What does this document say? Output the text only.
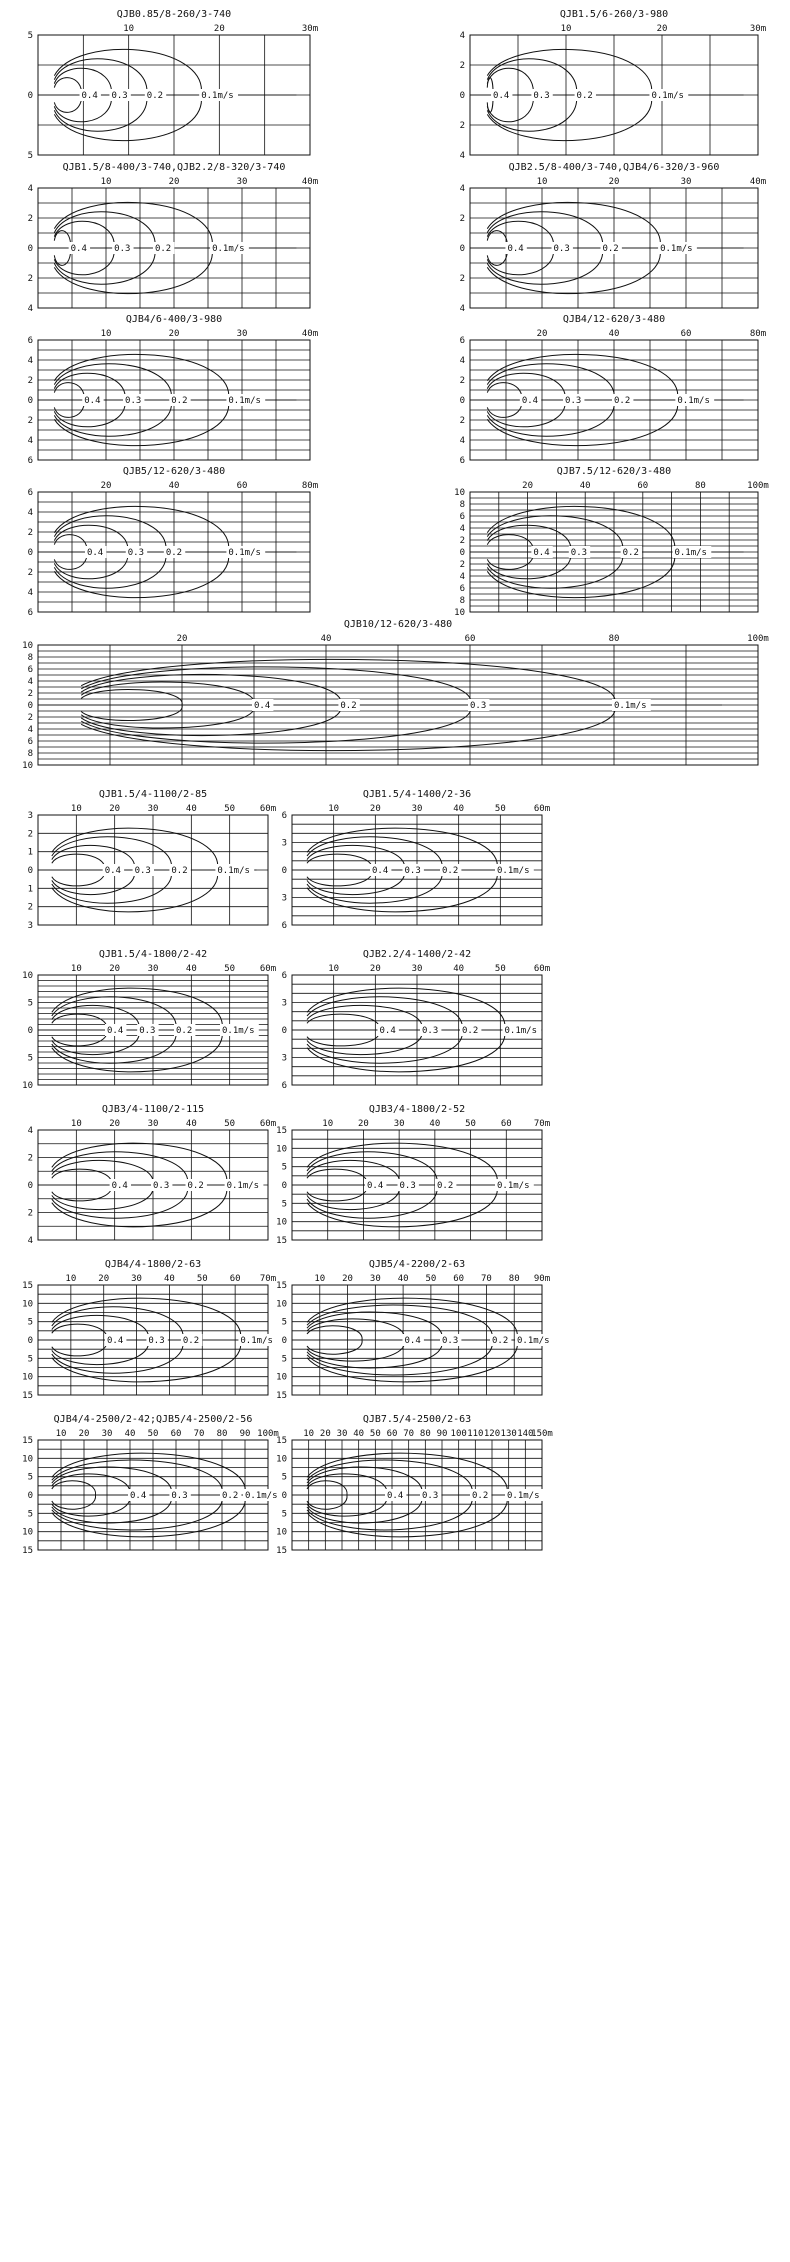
QJB0.85/8-260/3-740
10	20	30m
5
0
5
0.4 0.3 0.2	0.1m/s
QJB1.5/6-260/3-980
10	20	30m
4
2
0
2
4
0.4	0.3	0.2	0.1m/s
QJB1.5/8-400/3-740,QJB2.2/8-320/3-740
10	20	30	40m
4
2
0
2
4
0.4	0.3	0.2	0.1m/s
QJB2.5/8-400/3-740,QJB4/6-320/3-960
10	20	30	40m
4
2
0
2
4
0.4	0.3	0.2	0.1m/s
QJB4/6-400/3-980
10	20	30	40m
6
4
2
0
2
4
6
0.4	0.3	0.2	0.1m/s
QJB4/12-620/3-480
20	40	60	80m
6
4
2
0
2
4
6
0.4	0.3	0.2	0.1m/s
QJB5/12-620/3-480
20	40	60	80m
6
4
2
0
2
4
6
0.4	0.3 0.2	0.1m/s
QJB7.5/12-620/3-480
20	40	60	80	100m
10
8
6
4
2
0
2
4
6
8
10
0.4 0.3	0.2	0.1m/s
QJB10/12-620/3-480
20	40	60	80	100m
10
8
6
4
2
0
2
4
6
8
10
0.4	0.2	0.3	0.1m/s
QJB1.5/4-1100/2-85
10	20	30	40	50	60m
3
2
1
0
1
2
3
0.4 0.3 0.2	0.1m/s
QJB1.5/4-1400/2-36
10	20	30	40	50	60m
6
3
0
3
6
0.4 0.3 0.2	0.1m/s
QJB1.5/4-1800/2-42
10	20	30	40	50	60m
10
5
0
5
10
0.4 0.3 0.2	0.1m/s
QJB2.2/4-1400/2-42
10	20	30	40	50	60m
6
3
0
3
6
0.4	0.3	0.2	0.1m/s
QJB3/4-1100/2-115
10	20	30	40	50	60m
4
2
0
2
4
0.4	0.3 0.2	0.1m/s
QJB3/4-1800/2-52
10	20	30	40	50	60 70m
15
10
5
0
5
10
15
0.4 0.3 0.2	0.1m/s
QJB4/4-1800/2-63
10 20 30 40 50 60 70m
15
10
5
0
5
10
15
0.4	0.3 0.2	0.1m/s
QJB5/4-2200/2-63
10 20 30 40 50 60 70 80 90m
15
10
5
0
5
10
15
0.4 0.3	0.2 0.1m/s
QJB4/4-2500/2-42;QJB5/4-2500/2-56
10 20 30 40 50 60 70 80 90 100m
15
10
5
0
5
10
15
0.4	0.3	0.2 0.1m/s
QJB7.5/4-2500/2-63
10 20 30 40 50 60 70 80 90 100 110 120 130 140
150m
15
10
5
0
5
10
15
0.4 0.3	0.2 0.1m/s
